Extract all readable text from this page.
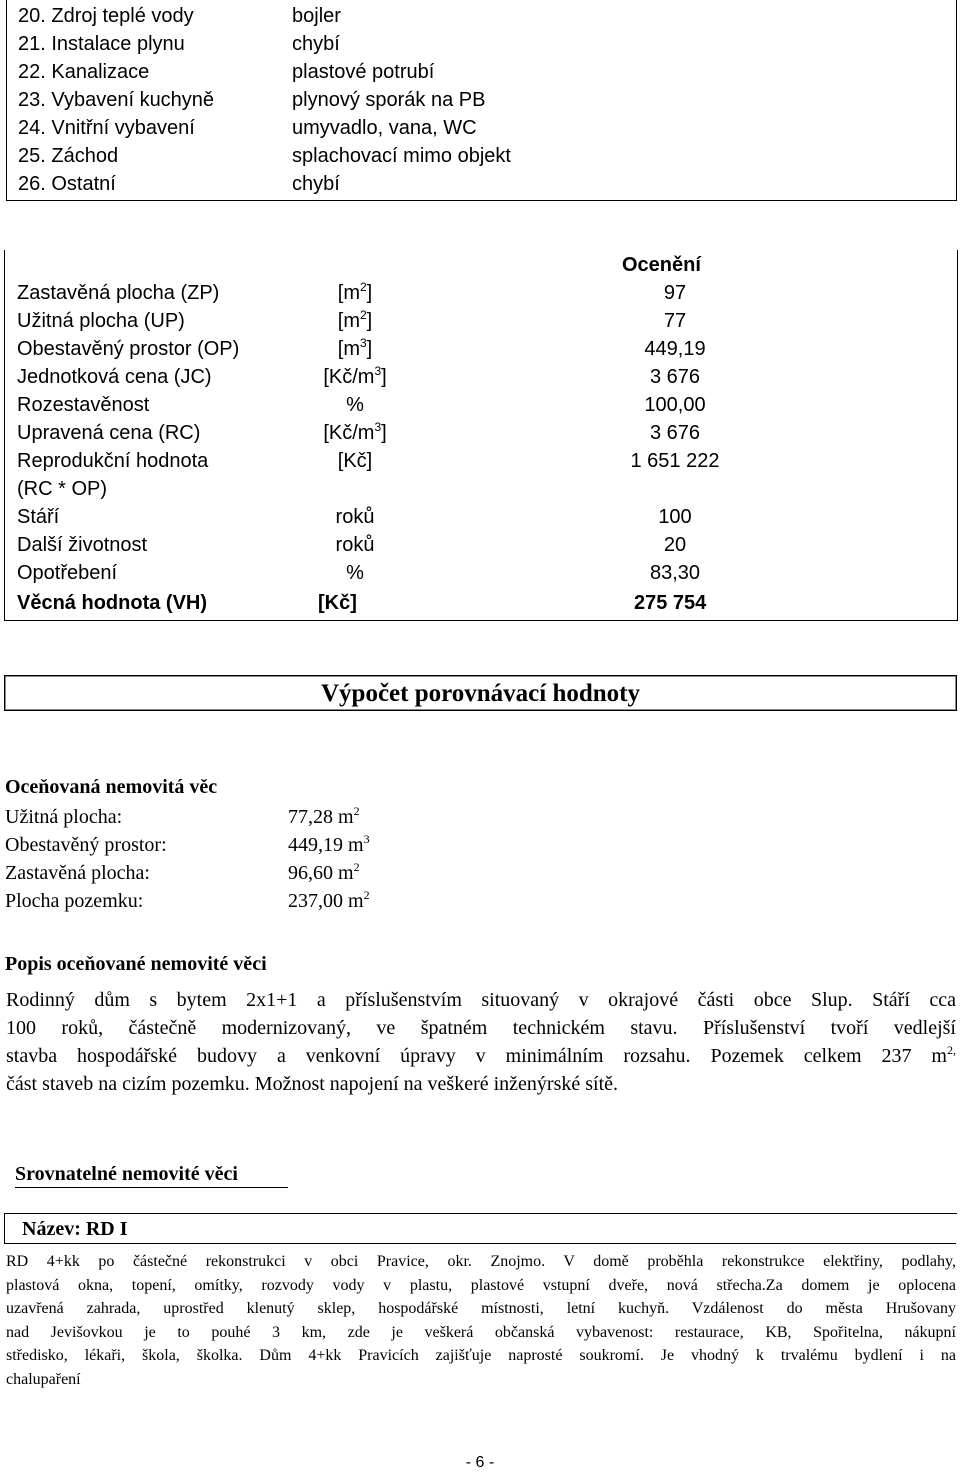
20. Zdroj teplé vody	bojler
21. Instalace plynu	chybí
22. Kanalizace	plastové potrubí
23. Vybavení kuchyně	plynový sporák na PB
24. Vnitřní vybavení	umyvadlo, vana, WC
25. Záchod	splachovací mimo objekt
26. Ostatní	chybí
Ocenění
Zastavěná plocha (ZP)	$[m^2]$	97
Užitná plocha (UP)	$[m^2]$	77
Obestavěný prostor (OP)	$[m^3]$	449,19
Jednotková cena (JC)	$[Kč/m^3]$	3 676
Rozestavěnost	%	100,00
Upravená cena (RC)	$[Kč/m^3]$	3 676
Reprodukční hodnota	[Kč]	1 651 222
(RC * OP)
Stáří	roků	100
Další životnost	roků	20
Opotřebení	%	83,30
Věcná hodnota (VH)	[Kč]	275 754
Výpočet porovnávací hodnoty
Oceňovaná nemovitá věc
Užitná plocha:	77,28 $m^2$
Obestavěný prostor:	449,19 $m^3$
Zastavěná plocha:	96,60 $m^2$
Plocha pozemku:	237,00 $m^2$
Popis oceňované nemovité věci
Rodinný dům s bytem 2x1+1 a příslušenstvím situovaný v okrajové části obce Slup. Stáří cca
100 roků, částečně modernizovaný, ve špatném technickém stavu. Příslušenství tvoří vedlejší
stavba hospodářské budovy a venkovní úpravy v minimálním rozsahu. Pozemek celkem 237 $m^{2,}$
část staveb na cizím pozemku. Možnost napojení na veškeré inženýrské sítě.
Srovnatelné nemovité věci
Název: RD I
RD 4+kk po částečné rekonstrukci v obci Pravice, okr. Znojmo. V domě proběhla rekonstrukce elektřiny, podlahy,
plastová okna, topení, omítky, rozvody vody v plastu, plastové vstupní dveře, nová střecha.Za domem je oplocena
uzavřená zahrada, uprostřed klenutý sklep, hospodářské místnosti, letní kuchyň. Vzdálenost do města Hrušovany
nad Jevišovkou je to pouhé 3 km, zde je veškerá občanská vybavenost: restaurace, KB, Spořitelna, nákupní
středisko, lékaři, škola, školka. Dům 4+kk Pravicích zajišťuje naprosté soukromí. Je vhodný k trvalému bydlení i na
chalupaření
- 6 -
